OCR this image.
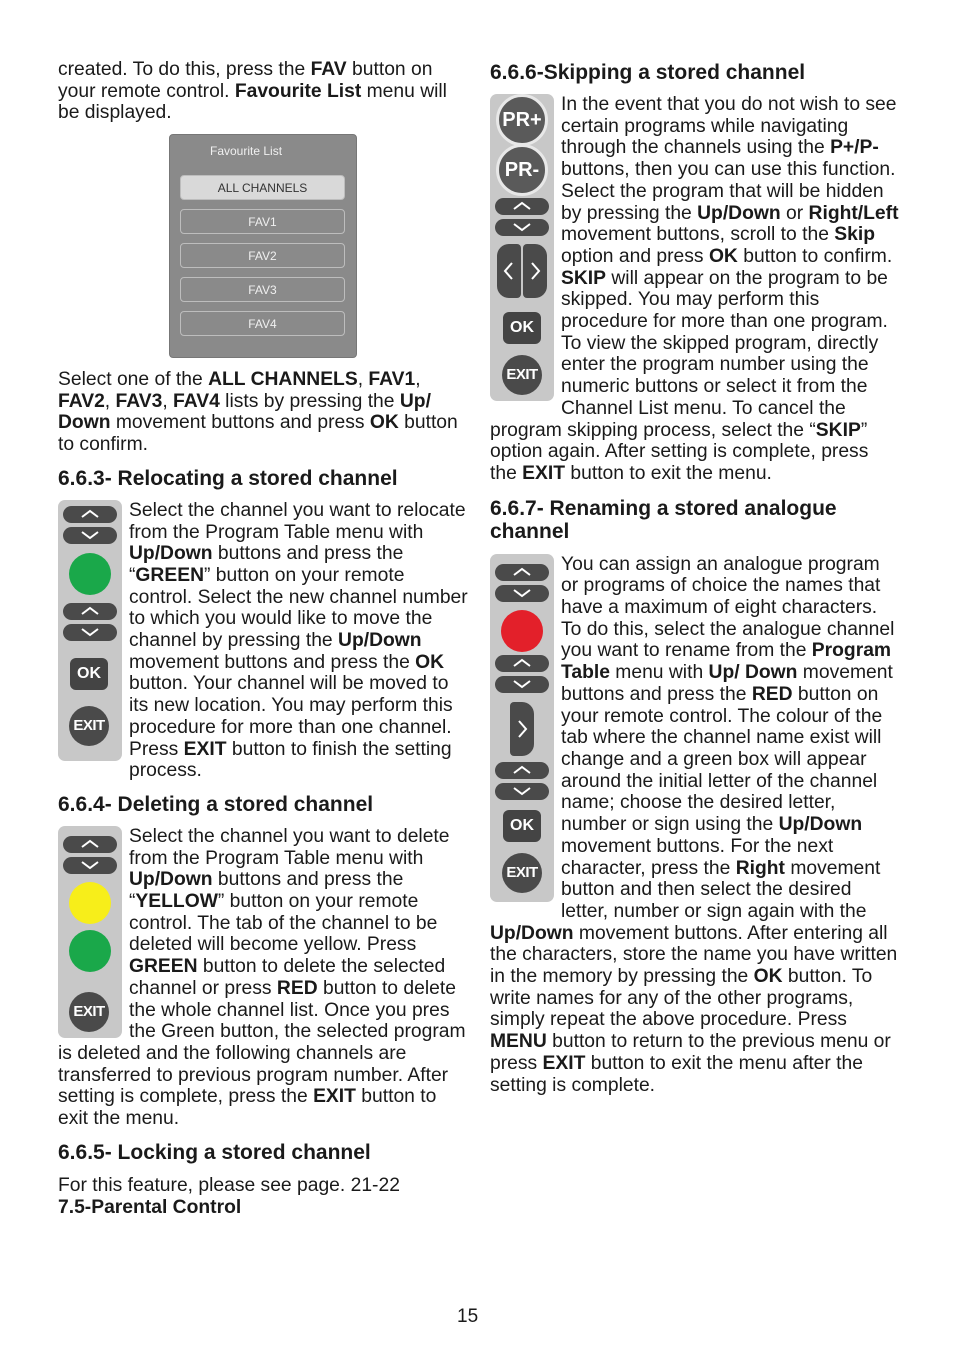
created. To do this, press the FAV button on your remote control. Favourite List menu will be displayed.

Favourite List
ALL CHANNELS
FAV1
FAV2
FAV3
FAV4

Select one of the ALL CHANNELS, FAV1, FAV2, FAV3, FAV4 lists by pressing the Up/ Down movement buttons and press OK button to confirm.

6.6.3- Relocating a stored channel
OK
EXIT

Select the channel you want to relocate from the Program Table menu with Up/Down buttons and press the “GREEN” button on your remote control. Select the new channel number to which you would like to move the channel by pressing the Up/Down movement buttons and press the OK button. Your channel will be moved to its new location. You may perform this procedure for more than one channel. Press EXIT button to finish the setting process.

6.6.4- Deleting a stored channel
EXIT

Select the channel you want to delete from the Program Table menu with Up/Down buttons and press the “YELLOW” button on your remote control. The tab of the channel to be deleted will become yellow. Press GREEN button to delete the selected channel or press RED button to delete the whole channel list. Once you pres the Green button, the selected program is deleted and the following channels are transferred to previous program number. After setting is complete, press the EXIT button to exit the menu.

6.6.5- Locking a stored channel

For this feature, please see page. 21-22
7.5-Parental Control

6.6.6-Skipping a stored channel
PR+
PR-
OK
EXIT

In the event that you do not wish to see certain programs while navigating through the channels using the P+/P- buttons, then you can use this function. Select the program that will be hidden by pressing the Up/Down or Right/Left movement buttons, scroll to the Skip option and press OK button to confirm. SKIP will appear on the program to be skipped. You may perform this procedure for more than one program. To view the skipped program, directly enter the program number using the numeric buttons or select it from the Channel List menu. To cancel the program skipping process, select the “SKIP” option again. After setting is complete, press the EXIT button to exit the menu.

6.6.7- Renaming a stored analogue channel
OK
EXIT

You can assign an analogue program or programs of choice the names that have a maximum of eight characters. To do this, select the analogue channel you want to rename from the Program Table menu with Up/ Down movement buttons and press the RED button on your remote control. The colour of the tab where the channel name exist will change and a green box will appear around the initial letter of the channel name; choose the desired letter, number or sign using the Up/Down movement buttons. For the next character, press the Right movement button and then select the desired letter, number or sign again with the Up/Down movement buttons. After entering all the characters, store the name you have written in the memory by pressing the OK button. To write names for any of the other programs, simply repeat the above procedure. Press MENU button to return to the previous menu or press EXIT button to exit the menu after the setting is complete.

15
